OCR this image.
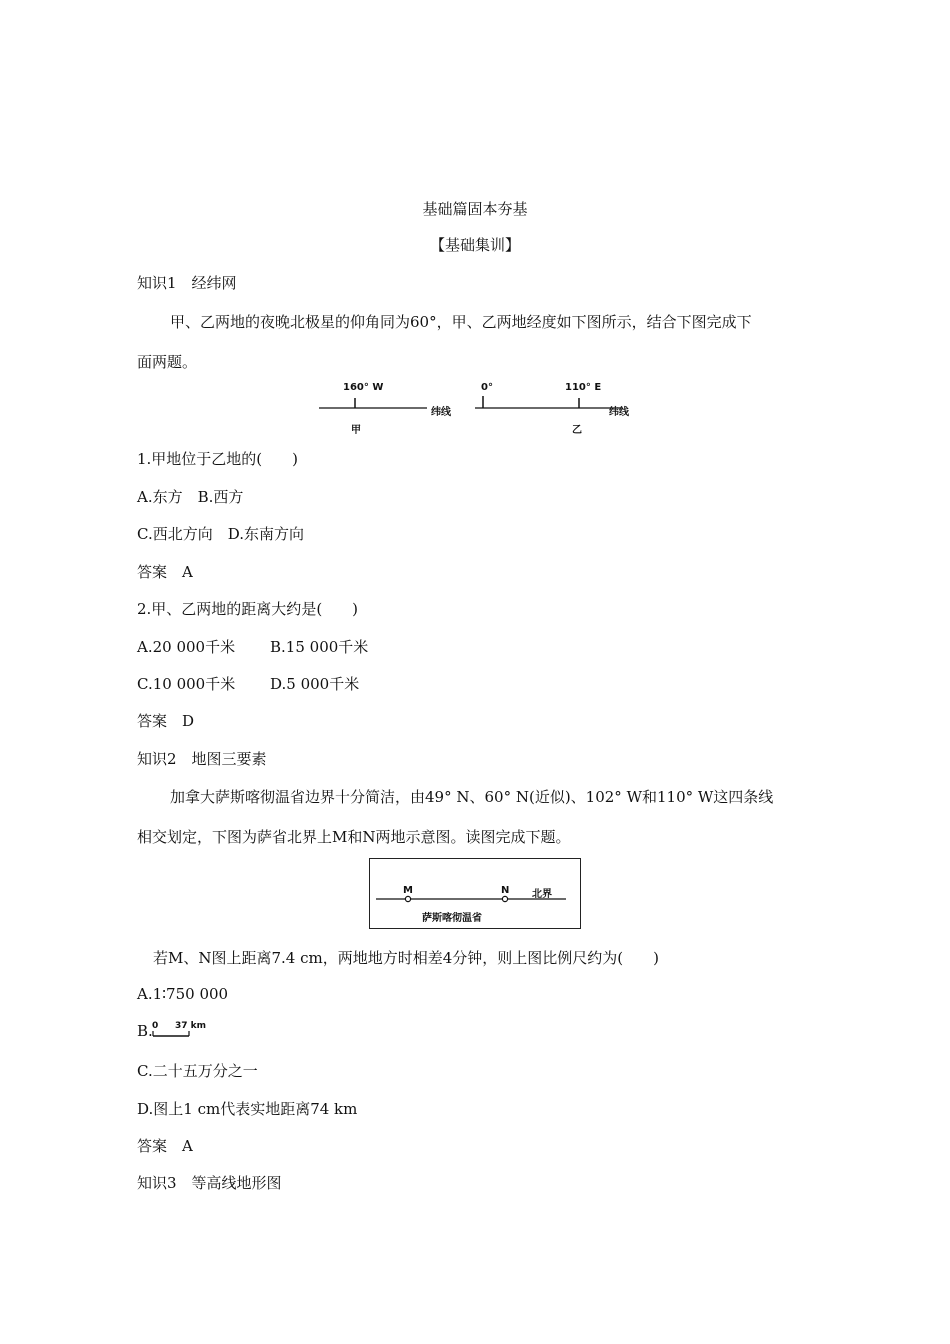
基础篇固本夯基
【基础集训】
知识1　经纬网
甲、乙两地的夜晚北极星的仰角同为60°，甲、乙两地经度如下图所示，结合下图完成下
面两题。
160° W
纬线
甲
0°	110° E
纬线
乙
1.甲地位于乙地的(　　)
A.东方　B.西方
C.西北方向　D.东南方向
答案　A
2.甲、乙两地的距离大约是(　　)
A.20 000千米 B.15 000千米
C.10 000千米 D.5 000千米
答案　D
知识2　地图三要素
加拿大萨斯喀彻温省边界十分简洁，由49° N、60° N(近似)、102° W和110° W这四条线
相交划定，下图为萨省北界上M和N两地示意图。读图完成下题。
M	N 北界
萨斯喀彻温省
若M、N图上距离7.4 cm，两地地方时相差4分钟，则上图比例尺约为(　　)
A.1∶750 000
B. 0 37 km
C.二十五万分之一
D.图上1 cm代表实地距离74 km
答案　A
知识3　等高线地形图
